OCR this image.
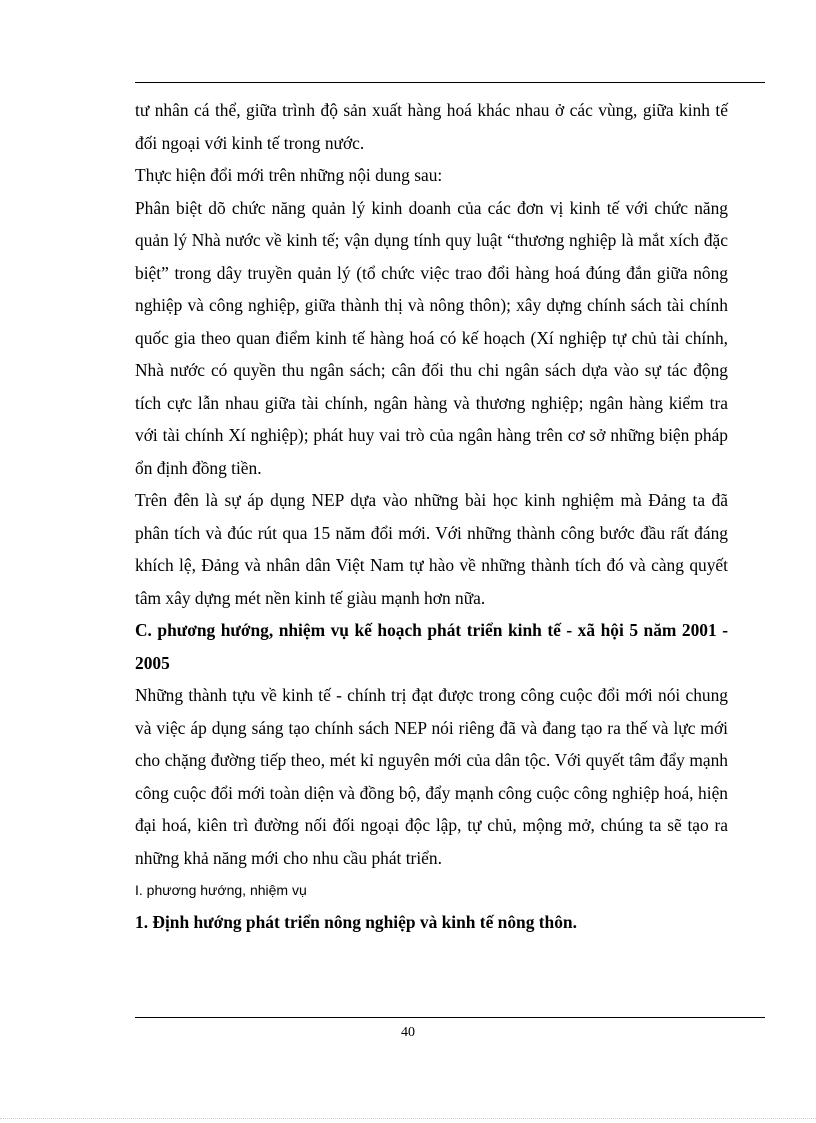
tư nhân cá thể, giữa trình độ sản xuất hàng hoá khác nhau ở các vùng, giữa kinh tế đối ngoại với kinh tế trong nước.

Thực hiện đổi mới trên những nội dung sau:

Phân biệt dõ chức năng quản lý kinh doanh của các đơn vị kinh tế với chức năng quản lý Nhà nước về kinh tế; vận dụng tính quy luật “thương nghiệp là mắt xích đặc biệt” trong dây truyền quản lý (tổ chức việc trao đổi hàng hoá đúng đắn giữa nông nghiệp và công nghiệp, giữa thành thị và nông thôn); xây dựng chính sách tài chính quốc gia theo quan điểm kinh tế hàng hoá có kế hoạch (Xí nghiệp tự chủ tài chính, Nhà nước có quyền thu ngân sách; cân đối thu chi ngân sách dựa vào sự tác động tích cực lẫn nhau giữa tài chính, ngân hàng và thương nghiệp; ngân hàng kiểm tra với tài chính Xí nghiệp); phát huy vai trò của ngân hàng trên cơ sở những biện pháp ổn định đồng tiền.

Trên đên là sự áp dụng NEP dựa vào những bài học kinh nghiệm mà Đảng ta đã phân tích và đúc rút qua 15 năm đổi mới. Với những thành công bước đầu rất đáng khích lệ, Đảng và nhân dân Việt Nam tự hào về những thành tích đó và càng quyết tâm xây dựng mét nền kinh tế giàu mạnh hơn nữa.

C. phương hướng, nhiệm vụ kế hoạch phát triển kinh tế - xã hội 5 năm 2001 - 2005

Những thành tựu về kinh tế - chính trị đạt được trong công cuộc đổi mới nói chung và việc áp dụng sáng tạo chính sách NEP nói riêng đã và đang tạo ra thế và lực mới cho chặng đường tiếp theo, mét kỉ nguyên mới của dân tộc. Với quyết tâm đẩy mạnh công cuộc đổi mới toàn diện và đồng bộ, đẩy mạnh công cuộc công nghiệp hoá, hiện đại hoá, kiên trì đường nối đối ngoại độc lập, tự chủ, mộng mở, chúng ta sẽ tạo ra những khả năng mới cho nhu cầu phát triển.

I. phương hướng, nhiệm vụ

1. Định hướng phát triển nông nghiệp và kinh tế nông thôn.

40
